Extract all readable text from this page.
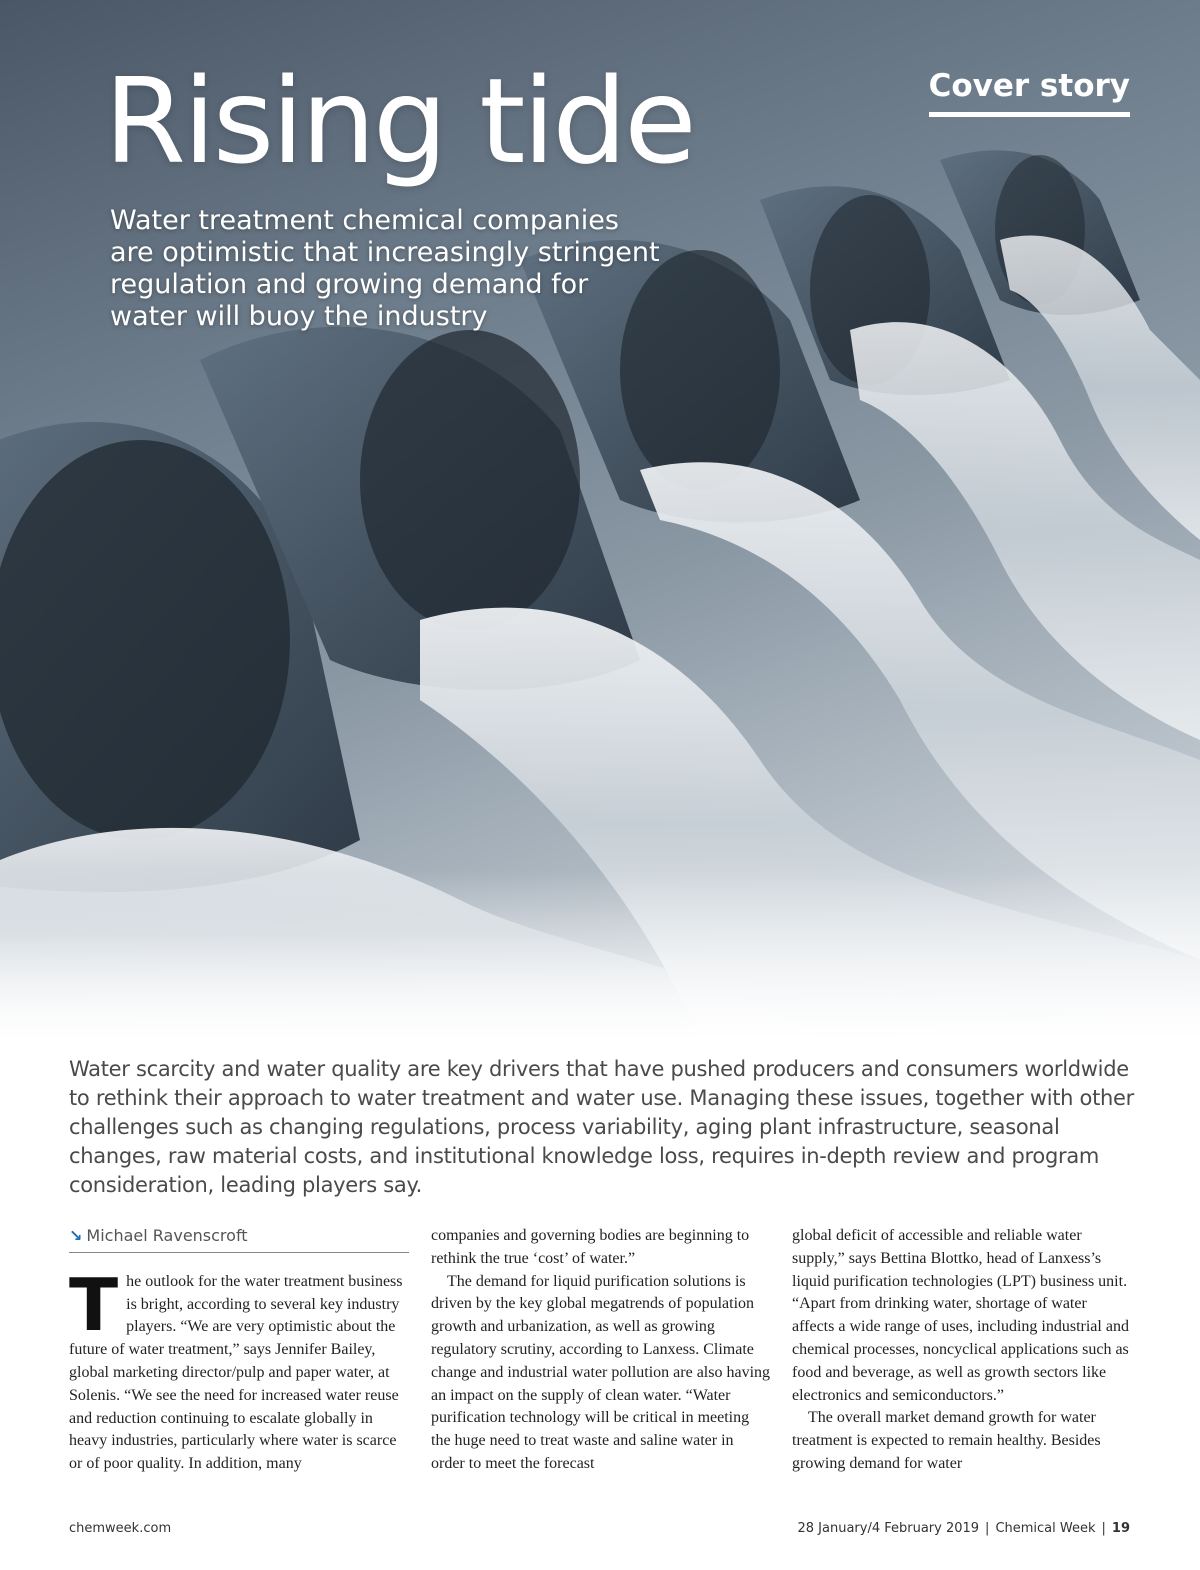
Rising tide

Water treatment chemical companies are optimistic that increasingly stringent regulation and growing demand for water will buoy the industry

Cover story

Water scarcity and water quality are key drivers that have pushed producers and consumers worldwide to rethink their approach to water treatment and water use. Managing these issues, together with other challenges such as changing regulations, process variability, aging plant infrastructure, seasonal changes, raw material costs, and institutional knowledge loss, requires in-depth review and program consideration, leading players say.

↘ Michael Ravenscroft

The outlook for the water treatment business is bright, according to several key industry players. “We are very optimistic about the future of water treatment,” says Jennifer Bailey, global marketing director/pulp and paper water, at Solenis. “We see the need for increased water reuse and reduction continuing to escalate globally in heavy industries, particularly where water is scarce or of poor quality. In addition, many

companies and governing bodies are beginning to rethink the true ‘cost’ of water.”

The demand for liquid purification solutions is driven by the key global megatrends of population growth and urbanization, as well as growing regulatory scrutiny, according to Lanxess. Climate change and industrial water pollution are also having an impact on the supply of clean water. “Water purification technology will be critical in meeting the huge need to treat waste and saline water in order to meet the forecast

global deficit of accessible and reliable water supply,” says Bettina Blottko, head of Lanxess’s liquid purification technologies (LPT) business unit. “Apart from drinking water, shortage of water affects a wide range of uses, including industrial and chemical processes, noncyclical applications such as food and beverage, as well as growth sectors like electronics and semiconductors.”

The overall market demand growth for water treatment is expected to remain healthy. Besides growing demand for water

chemweek.com	28 January/4 February 2019 | Chemical Week | 19
